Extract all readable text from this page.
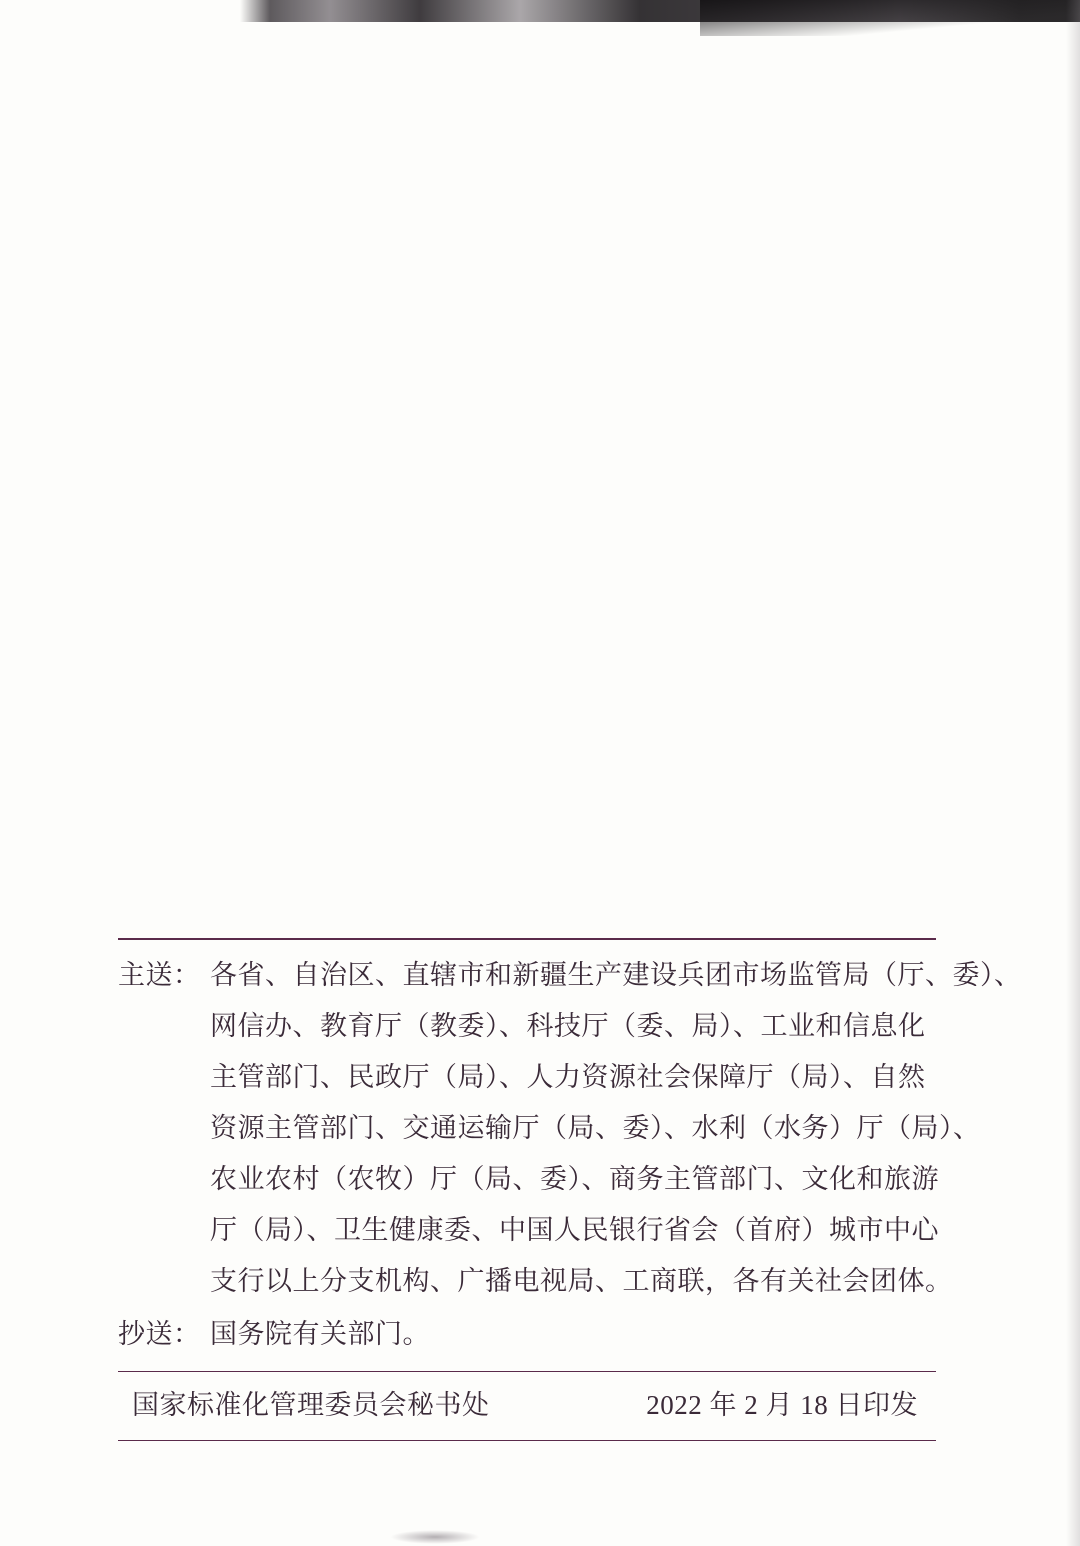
主送： 各省、自治区、直辖市和新疆生产建设兵团市场监管局（厅、委）、
网信办、教育厅（教委）、科技厅（委、局）、工业和信息化
主管部门、民政厅（局）、人力资源社会保障厅（局）、自然
资源主管部门、交通运输厅（局、委）、水利（水务）厅（局）、
农业农村（农牧）厅（局、委）、商务主管部门、文化和旅游
厅（局）、卫生健康委、中国人民银行省会（首府）城市中心
支行以上分支机构、广播电视局、工商联，各有关社会团体。
抄送： 国务院有关部门。
国家标准化管理委员会秘书处	2022 年 2 月 18 日印发
